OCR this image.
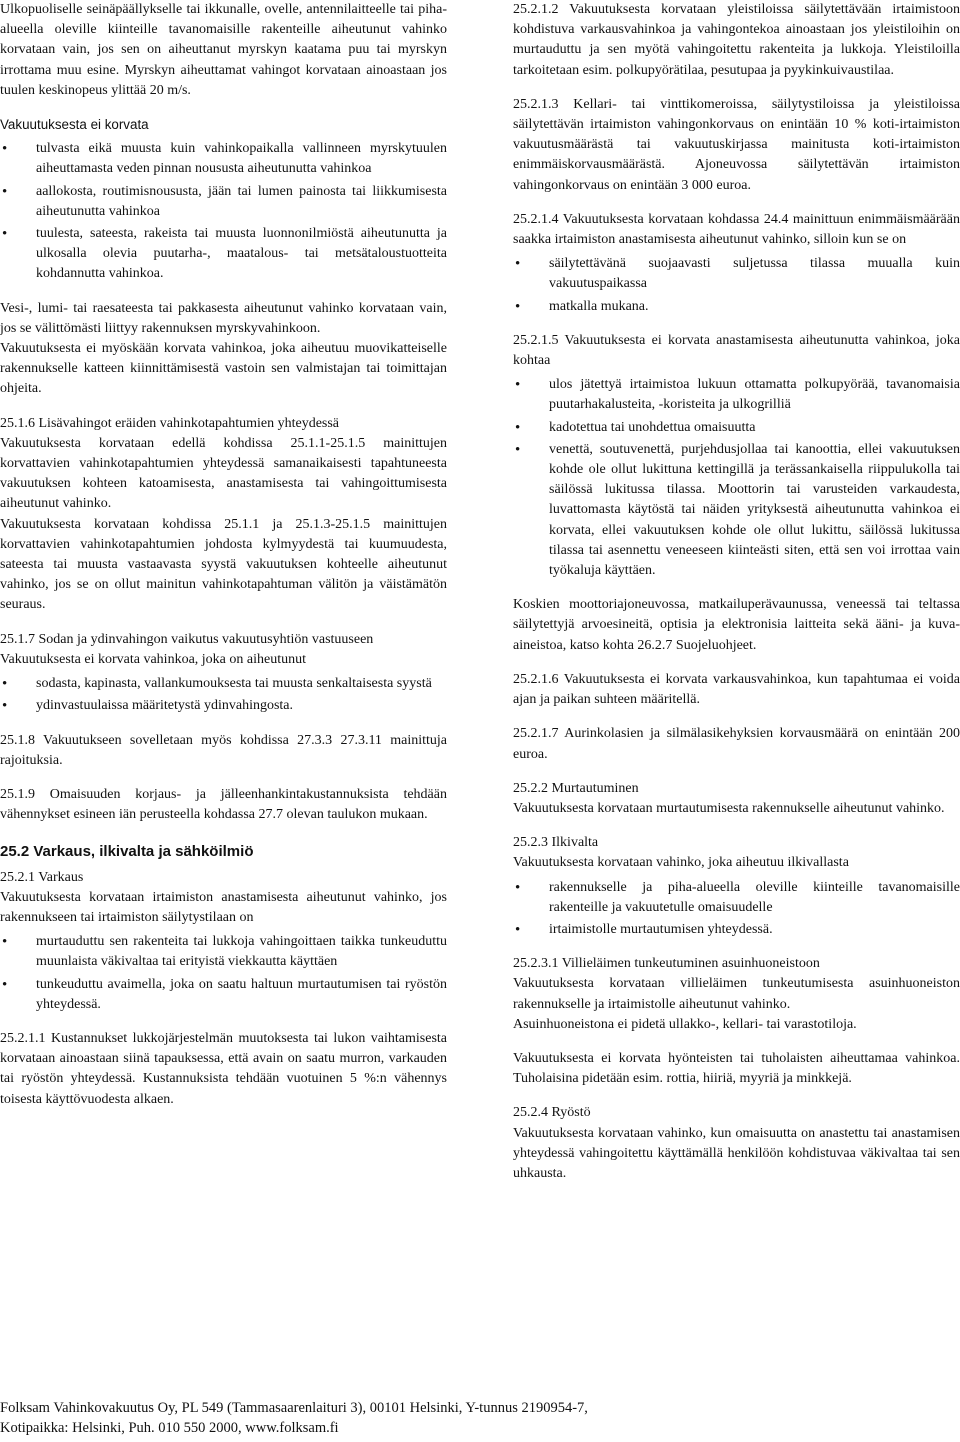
Ulkopuoliselle seinäpäällykselle tai ikkunalle, ovelle, antennilaitteelle tai piha-alueella oleville kiinteille tavanomaisille rakenteille aiheutunut vahinko korvataan vain, jos sen on aiheuttanut myrskyn kaatama puu tai myrskyn irrottama muu esine. Myrskyn aiheuttamat vahingot korvataan ainoastaan jos tuulen keskinopeus ylittää 20 m/s.

Vakuutuksesta ei korvata

• tulvasta eikä muusta kuin vahinkopaikalla vallinneen myrskytuulen aiheuttamasta veden pinnan noususta aiheutunutta vahinkoa
• aallokosta, routimisnoususta, jään tai lumen painosta tai liikkumisesta aiheutunutta vahinkoa
• tuulesta, sateesta, rakeista tai muusta luonnonilmiöstä aiheutunutta ja ulkosalla olevia puutarha-, maatalous- tai metsätaloustuotteita kohdannutta vahinkoa.

Vesi-, lumi- tai raesateesta tai pakkasesta aiheutunut vahinko korvataan vain, jos se välittömästi liittyy rakennuksen myrskyvahinkoon.

Vakuutuksesta ei myöskään korvata vahinkoa, joka aiheutuu muovikatteiselle rakennukselle katteen kiinnittämisestä vastoin sen valmistajan tai toimittajan ohjeita.

25.1.6 Lisävahingot eräiden vahinkotapahtumien yhteydessä

Vakuutuksesta korvataan edellä kohdissa 25.1.1-25.1.5 mainittujen korvattavien vahinkotapahtumien yhteydessä samanaikaisesti tapahtuneesta vakuutuksen kohteen katoamisesta, anastamisesta tai vahingoittumisesta aiheutunut vahinko.

Vakuutuksesta korvataan kohdissa 25.1.1 ja 25.1.3-25.1.5 mainittujen korvattavien vahinkotapahtumien johdosta kylmyydestä tai kuumuudesta, sateesta tai muusta vastaavasta syystä vakuutuksen kohteelle aiheutunut vahinko, jos se on ollut mainitun vahinkotapahtuman välitön ja väistämätön seuraus.

25.1.7 Sodan ja ydinvahingon vaikutus vakuutusyhtiön vastuuseen

Vakuutuksesta ei korvata vahinkoa, joka on aiheutunut

• sodasta, kapinasta, vallankumouksesta tai muusta senkaltaisesta syystä
• ydinvastuulaissa määritetystä ydinvahingosta.

25.1.8 Vakuutukseen sovelletaan myös kohdissa 27.3.3 27.3.11 mainittuja rajoituksia.

25.1.9 Omaisuuden korjaus- ja jälleenhankintakustannuksista tehdään vähennykset esineen iän perusteella kohdassa 27.7 olevan taulukon mukaan.

25.2 Varkaus, ilkivalta ja sähköilmiö

25.2.1 Varkaus

Vakuutuksesta korvataan irtaimiston anastamisesta aiheutunut vahinko, jos rakennukseen tai irtaimiston säilytystilaan on

• murtauduttu sen rakenteita tai lukkoja vahingoittaen taikka tunkeuduttu muunlaista väkivaltaa tai erityistä viekkautta käyttäen
• tunkeuduttu avaimella, joka on saatu haltuun murtautumisen tai ryöstön yhteydessä.

25.2.1.1 Kustannukset lukkojärjestelmän muutoksesta tai lukon vaihtamisesta korvataan ainoastaan siinä tapauksessa, että avain on saatu murron, varkauden tai ryöstön yhteydessä. Kustannuksista tehdään vuotuinen 5 %:n vähennys toisesta käyttövuodesta alkaen.

25.2.1.2 Vakuutuksesta korvataan yleistiloissa säilytettävään irtaimistoon kohdistuva varkausvahinkoa ja vahingontekoa ainoastaan jos yleistiloihin on murtauduttu ja sen myötä vahingoitettu rakenteita ja lukkoja. Yleistiloilla tarkoitetaan esim. polkupyörätilaa, pesutupaa ja pyykinkuivaustilaa.

25.2.1.3 Kellari- tai vinttikomeroissa, säilytystiloissa ja yleistiloissa säilytettävän irtaimiston vahingonkorvaus on enintään 10 % koti-irtaimiston vakuutusmäärästä tai vakuutuskirjassa mainitusta koti-irtaimiston enimmäiskorvausmäärästä. Ajoneuvossa säilytettävän irtaimiston vahingonkorvaus on enintään 3 000 euroa.

25.2.1.4 Vakuutuksesta korvataan kohdassa 24.4 mainittuun enimmäismäärään saakka irtaimiston anastamisesta aiheutunut vahinko, silloin kun se on

• säilytettävänä suojaavasti suljetussa tilassa muualla kuin vakuutuspaikassa
• matkalla mukana.

25.2.1.5 Vakuutuksesta ei korvata anastamisesta aiheutunutta vahinkoa, joka kohtaa

• ulos jätettyä irtaimistoa lukuun ottamatta polkupyörää, tavanomaisia puutarhakalusteita, -koristeita ja ulkogrilliä
• kadotettua tai unohdettua omaisuutta
• venettä, soutuvenettä, purjehdusjollaa tai kanoottia, ellei vakuutuksen kohde ole ollut lukittuna kettingillä ja terässankaisella riippulukolla tai säilössä lukitussa tilassa. Moottorin tai varusteiden varkaudesta, luvattomasta käytöstä tai näiden yrityksestä aiheutunutta vahinkoa ei korvata, ellei vakuutuksen kohde ole ollut lukittu, säilössä lukitussa tilassa tai asennettu veneeseen kiinteästi siten, että sen voi irrottaa vain työkaluja käyttäen.

Koskien moottoriajoneuvossa, matkailuperävaunussa, veneessä tai teltassa säilytettyjä arvoesineitä, optisia ja elektronisia laitteita sekä ääni- ja kuva-aineistoa, katso kohta 26.2.7 Suojeluohjeet.

25.2.1.6 Vakuutuksesta ei korvata varkausvahinkoa, kun tapahtumaa ei voida ajan ja paikan suhteen määritellä.

25.2.1.7 Aurinkolasien ja silmälasikehyksien korvausmäärä on enintään 200 euroa.

25.2.2 Murtautuminen

Vakuutuksesta korvataan murtautumisesta rakennukselle aiheutunut vahinko.

25.2.3 Ilkivalta

Vakuutuksesta korvataan vahinko, joka aiheutuu ilkivallasta

• rakennukselle ja piha-alueella oleville kiinteille tavanomaisille rakenteille ja vakuutetulle omaisuudelle
• irtaimistolle murtautumisen yhteydessä.

25.2.3.1 Villieläimen tunkeutuminen asuinhuoneistoon

Vakuutuksesta korvataan villieläimen tunkeutumisesta asuinhuoneiston rakennukselle ja irtaimistolle aiheutunut vahinko.

Asuinhuoneistona ei pidetä ullakko-, kellari- tai varastotiloja.

Vakuutuksesta ei korvata hyönteisten tai tuholaisten aiheuttamaa vahinkoa. Tuholaisina pidetään esim. rottia, hiiriä, myyriä ja minkkejä.

25.2.4 Ryöstö

Vakuutuksesta korvataan vahinko, kun omaisuutta on anastettu tai anastamisen yhteydessä vahingoitettu käyttämällä henkilöön kohdistuvaa väkivaltaa tai sen uhkausta.

Folksam Vahinkovakuutus Oy, PL 549 (Tammasaarenlaituri 3), 00101 Helsinki, Y-tunnus 2190954-7,
Kotipaikka: Helsinki, Puh. 010 550 2000, www.folksam.fi
